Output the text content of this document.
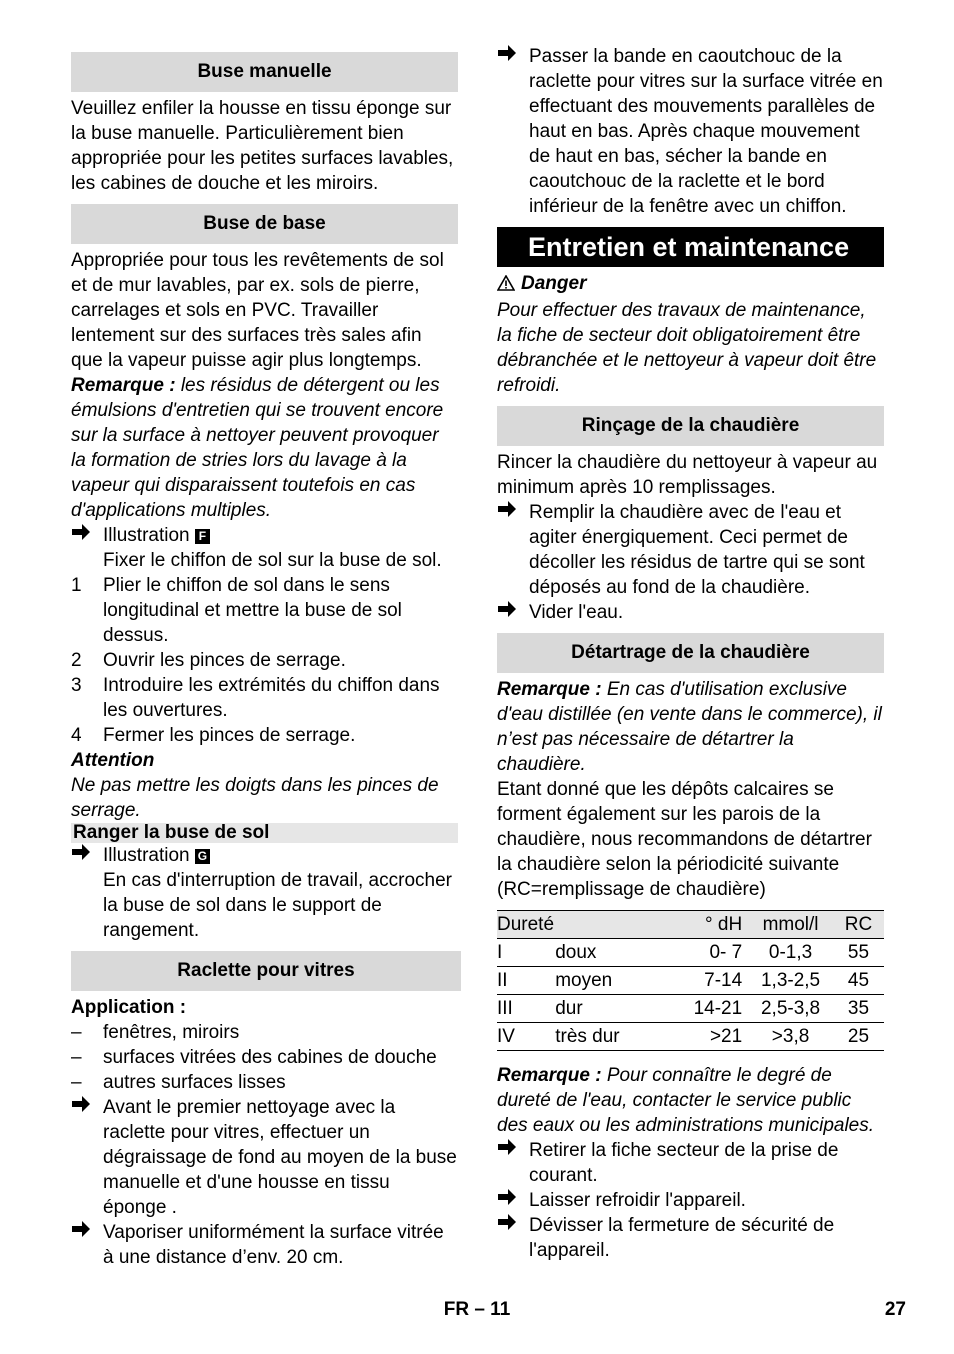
Buse manuelle

Veuillez enfiler la housse en tissu éponge sur la buse manuelle. Particulièrement bien appropriée pour les petites surfaces lavables, les cabines de douche et les miroirs.

Buse de base

Appropriée pour tous les revêtements de sol et de mur lavables, par ex. sols de pierre, carrelages et sols en PVC. Travailler lentement sur des surfaces très sales afin que la vapeur puisse agir plus longtemps.

Remarque : les résidus de détergent ou les émulsions d'entretien qui se trouvent encore sur la surface à nettoyer peuvent provoquer la formation de stries lors du lavage à la vapeur qui disparaissent toutefois en cas d'applications multiples.

Illustration F
Fixer le chiffon de sol sur la buse de sol.
1	Plier le chiffon de sol dans le sens longitudinal et mettre la buse de sol dessus.
2	Ouvrir les pinces de serrage.
3	Introduire les extrémités du chiffon dans les ouvertures.
4	Fermer les pinces de serrage.

Attention

Ne pas mettre les doigts dans les pinces de serrage.

Ranger la buse de sol
Illustration G
En cas d'interruption de travail, accrocher la buse de sol dans le support de rangement.
Raclette pour vitres

Application :

–	fenêtres, miroirs
–	surfaces vitrées des cabines de douche
–	autres surfaces lisses
Avant le premier nettoyage avec la raclette pour vitres, effectuer un dégraissage de fond au moyen de la buse manuelle et d'une housse en tissu éponge .
Vaporiser uniformément la surface vitrée à une distance d’env. 20 cm.
Passer la bande en caoutchouc de la raclette pour vitres sur la surface vitrée en effectuant des mouvements parallèles de haut en bas. Après chaque mouvement de haut en bas, sécher la bande en caoutchouc de la raclette et le bord inférieur de la fenêtre avec un chiffon.
Entretien et maintenance

Danger

Pour effectuer des travaux de maintenance, la fiche de secteur doit obligatoirement être débranchée et le nettoyeur à vapeur doit être refroidi.

Rinçage de la chaudière

Rincer la chaudière du nettoyeur à vapeur au minimum après 10 remplissages.

Remplir la chaudière avec de l'eau et agiter énergiquement. Ceci permet de décoller les résidus de tartre qui se sont déposés au fond de la chaudière.
Vider l'eau.
Détartrage de la chaudière

Remarque : En cas d'utilisation exclusive d'eau distillée (en vente dans le commerce), il n’est pas nécessaire de détartrer la chaudière.

Etant donné que les dépôts calcaires se forment également sur les parois de la chaudière, nous recommandons de détartrer la chaudière selon la périodicité suivante (RC=remplissage de chaudière)

Dureté		° dH	mmol/l	RC
I	doux	0- 7	0-1,3	55
II	moyen	7-14	1,3-2,5	45
III	dur	14-21	2,5-3,8	35
IV	très dur	>21	>3,8	25

Remarque : Pour connaître le degré de dureté de l'eau, contacter le service public des eaux ou les administrations municipales.

Retirer la fiche secteur de la prise de courant.
Laisser refroidir l'appareil.
Dévisser la fermeture de sécurité de l'appareil.
FR – 11	27
